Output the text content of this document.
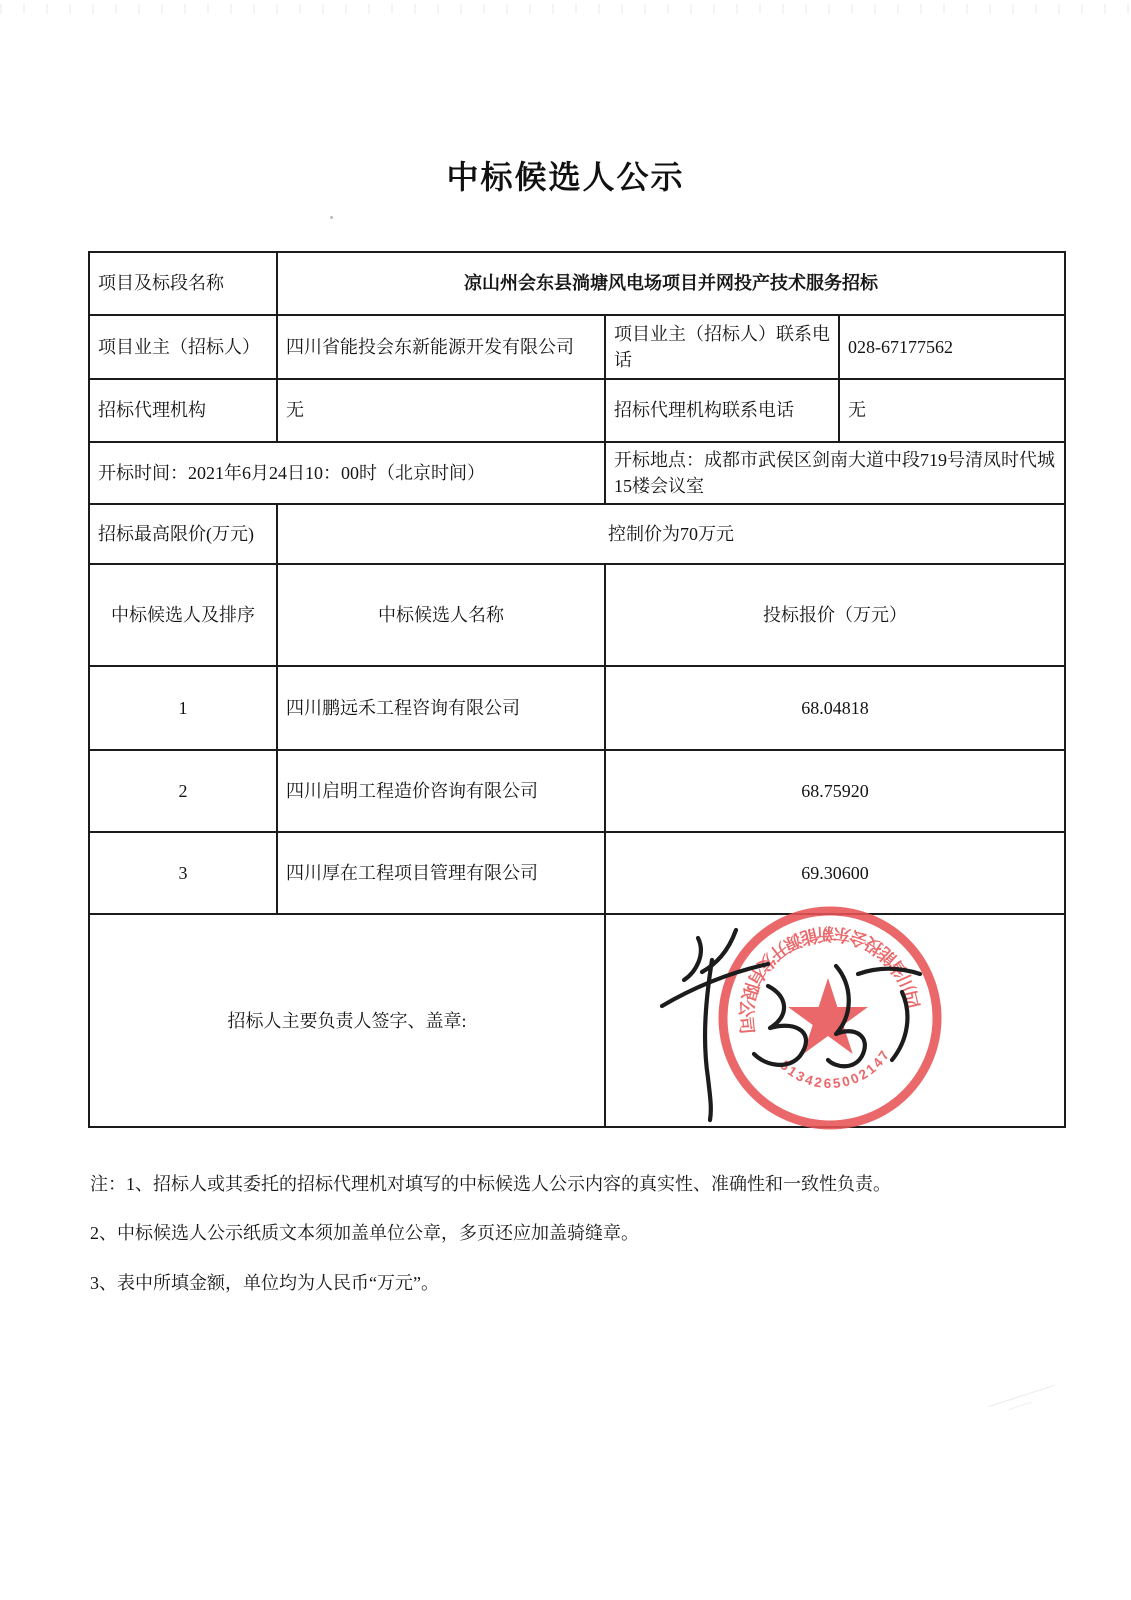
中标候选人公示
项目及标段名称	凉山州会东县淌塘风电场项目并网投产技术服务招标		
项目业主（招标人）	四川省能投会东新能源开发有限公司	项目业主（招标人）联系电话	028-67177562
招标代理机构	无	招标代理机构联系电话	无
开标时间：2021年6月24日10：00时（北京时间）		开标地点：成都市武侯区剑南大道中段719号清凤时代城15楼会议室	
招标最高限价(万元)	控制价为70万元		
中标候选人及排序	中标候选人名称	投标报价（万元）	
1	四川鹏远禾工程咨询有限公司	68.04818	
2	四川启明工程造价咨询有限公司	68.75920	
3	四川厚在工程项目管理有限公司	69.30600	
招标人主要负责人签字、盖章:			
四川省能投会东新能源开发有限公司
5134265002147

注：1、招标人或其委托的招标代理机对填写的中标候选人公示内容的真实性、准确性和一致性负责。

2、中标候选人公示纸质文本须加盖单位公章，多页还应加盖骑缝章。

3、表中所填金额，单位均为人民币“万元”。
